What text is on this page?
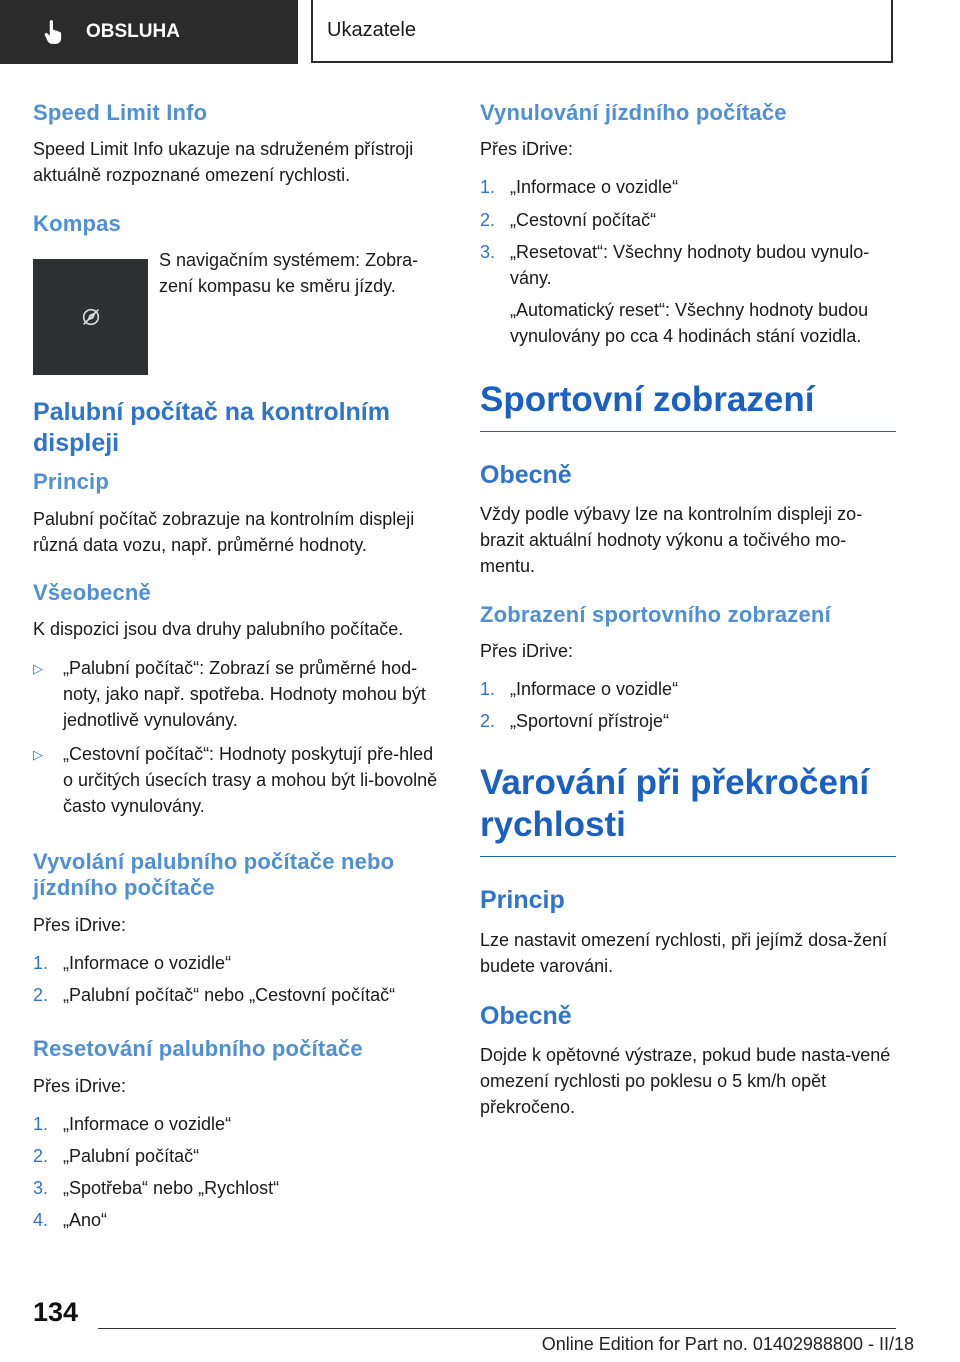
OBSLUHA	Ukazatele
Speed Limit Info

Speed Limit Info ukazuje na sdruženém přístroji aktuálně rozpoznané omezení rychlosti.

Kompas

S navigačním systémem: Zobra-zení kompasu ke směru jízdy.

Palubní počítač na kontrolním displeji
Princip

Palubní počítač zobrazuje na kontrolním displeji různá data vozu, např. průměrné hodnoty.

Všeobecně

K dispozici jsou dva druhy palubního počítače.

▷	„Palubní počítač“: Zobrazí se průměrné hod-noty, jako např. spotřeba. Hodnoty mohou být jednotlivě vynulovány.
▷	„Cestovní počítač“: Hodnoty poskytují pře-hled o určitých úsecích trasy a mohou být li-bovolně často vynulovány.
Vyvolání palubního počítače nebo jízdního počítače

Přes iDrive:

1. „Informace o vozidle“
2. „Palubní počítač“ nebo „Cestovní počítač“
Resetování palubního počítače

Přes iDrive:

1. „Informace o vozidle“
2. „Palubní počítač“
3. „Spotřeba“ nebo „Rychlost“
4. „Ano“
Vynulování jízdního počítače

Přes iDrive:

1. „Informace o vozidle“
2. „Cestovní počítač“
3. „Resetovat“: Všechny hodnoty budou vynulo-vány.

„Automatický reset“: Všechny hodnoty budou vynulovány po cca 4 hodinách stání vozidla.

Sportovní zobrazení
Obecně

Vždy podle výbavy lze na kontrolním displeji zo-brazit aktuální hodnoty výkonu a točivého mo-mentu.

Zobrazení sportovního zobrazení

Přes iDrive:

1. „Informace o vozidle“
2. „Sportovní přístroje“
Varování při překročení rychlosti
Princip

Lze nastavit omezení rychlosti, při jejímž dosa-žení budete varováni.

Obecně

Dojde k opětovné výstraze, pokud bude nasta-vené omezení rychlosti po poklesu o 5 km/h opět překročeno.

134
Online Edition for Part no. 01402988800 - II/18
